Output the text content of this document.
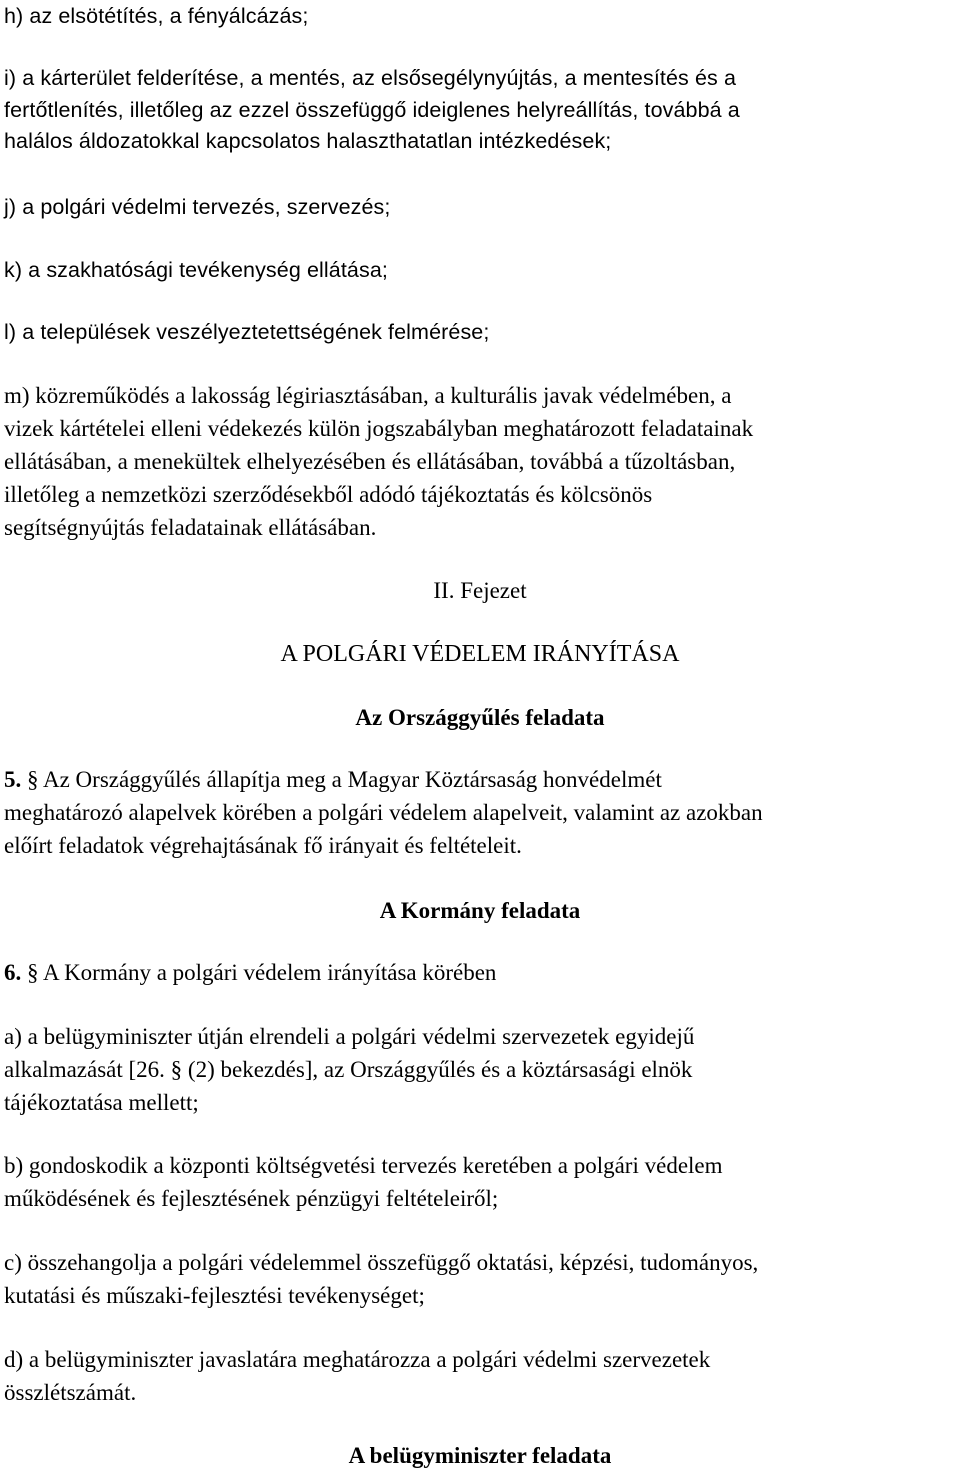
h) az elsötétítés, a fényálcázás;
i) a kárterület felderítése, a mentés, az elsősegélynyújtás, a mentesítés és a
fertőtlenítés, illetőleg az ezzel összefüggő ideiglenes helyreállítás, továbbá a
halálos áldozatokkal kapcsolatos halaszthatatlan intézkedések;
j) a polgári védelmi tervezés, szervezés;
k) a szakhatósági tevékenység ellátása;
l) a települések veszélyeztetettségének felmérése;
m) közreműködés a lakosság légiriasztásában, a kulturális javak védelmében, a
vizek kártételei elleni védekezés külön jogszabályban meghatározott feladatainak
ellátásában, a menekültek elhelyezésében és ellátásában, továbbá a tűzoltásban,
illetőleg a nemzetközi szerződésekből adódó tájékoztatás és kölcsönös
segítségnyújtás feladatainak ellátásában.
II. Fejezet
A POLGÁRI VÉDELEM IRÁNYÍTÁSA
Az Országgyűlés feladata
5. § Az Országgyűlés állapítja meg a Magyar Köztársaság honvédelmét
meghatározó alapelvek körében a polgári védelem alapelveit, valamint az azokban
előírt feladatok végrehajtásának fő irányait és feltételeit.
A Kormány feladata
6. § A Kormány a polgári védelem irányítása körében
a) a belügyminiszter útján elrendeli a polgári védelmi szervezetek egyidejű
alkalmazását [26. § (2) bekezdés], az Országgyűlés és a köztársasági elnök
tájékoztatása mellett;
b) gondoskodik a központi költségvetési tervezés keretében a polgári védelem
működésének és fejlesztésének pénzügyi feltételeiről;
c) összehangolja a polgári védelemmel összefüggő oktatási, képzési, tudományos,
kutatási és műszaki-fejlesztési tevékenységet;
d) a belügyminiszter javaslatára meghatározza a polgári védelmi szervezetek
összlétszámát.
A belügyminiszter feladata
